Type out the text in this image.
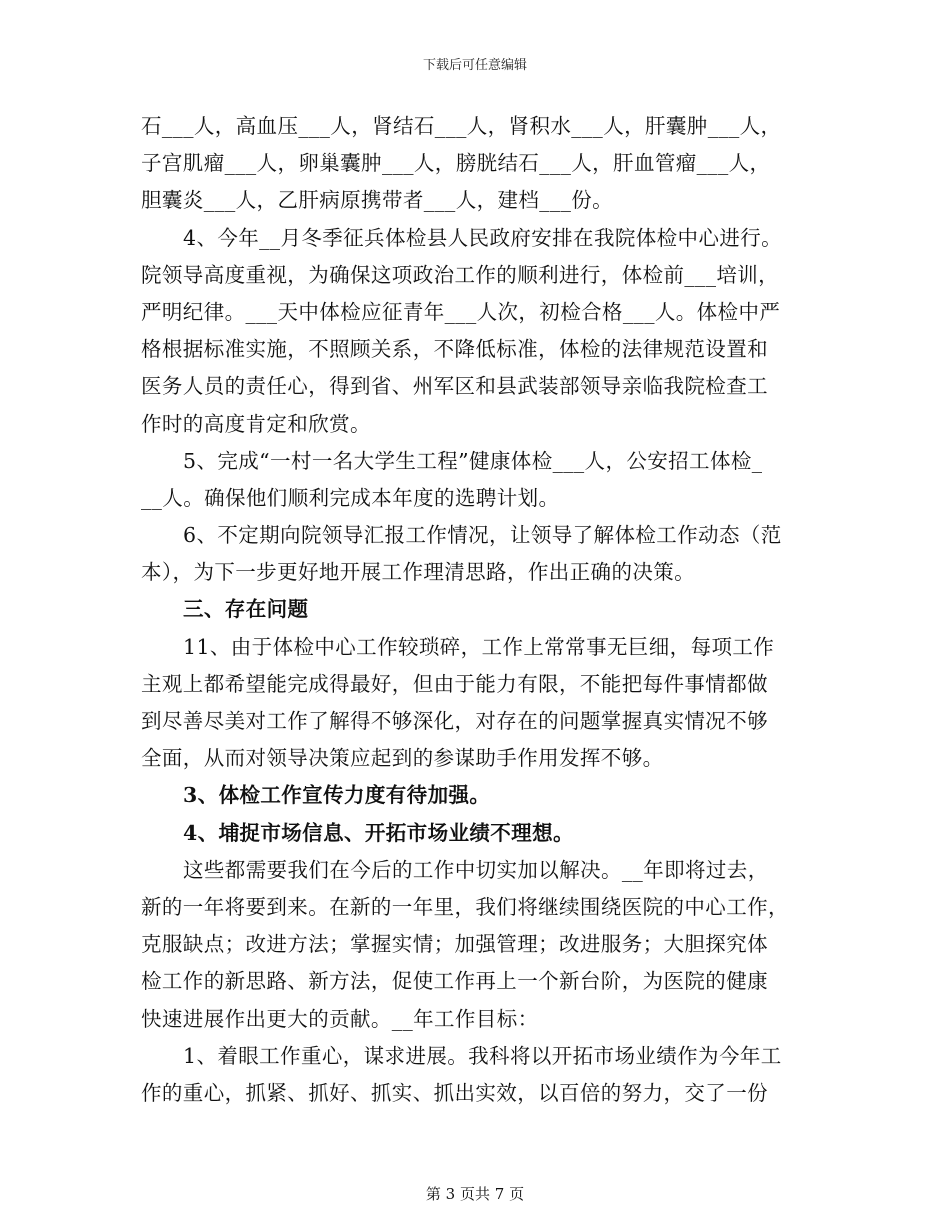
下载后可任意编辑
石___人，高血压___人，肾结石___人，肾积水___人，肝囊肿___人，
子宫肌瘤___人，卵巢囊肿___人，膀胱结石___人，肝血管瘤___人，
胆囊炎___人，乙肝病原携带者___人，建档___份。
4、今年__月冬季征兵体检县人民政府安排在我院体检中心进行。
院领导高度重视，为确保这项政治工作的顺利进行，体检前___培训，
严明纪律。___天中体检应征青年___人次，初检合格___人。体检中严
格根据标准实施，不照顾关系，不降低标准，体检的法律规范设置和
医务人员的责任心，得到省、州军区和县武装部领导亲临我院检查工
作时的高度肯定和欣赏。
5、完成“一村一名大学生工程”健康体检___人，公安招工体检_
__人。确保他们顺利完成本年度的选聘计划。
6、不定期向院领导汇报工作情况，让领导了解体检工作动态（范
本），为下一步更好地开展工作理清思路，作出正确的决策。
三、存在问题
11、由于体检中心工作较琐碎，工作上常常事无巨细，每项工作
主观上都希望能完成得最好，但由于能力有限，不能把每件事情都做
到尽善尽美对工作了解得不够深化，对存在的问题掌握真实情况不够
全面，从而对领导决策应起到的参谋助手作用发挥不够。
3、体检工作宣传力度有待加强。
4、埔捉市场信息、开拓市场业绩不理想。
这些都需要我们在今后的工作中切实加以解决。__年即将过去，
新的一年将要到来。在新的一年里，我们将继续围绕医院的中心工作，
克服缺点；改进方法；掌握实情；加强管理；改进服务；大胆探究体
检工作的新思路、新方法，促使工作再上一个新台阶，为医院的健康
快速进展作出更大的贡献。__年工作目标：
1、着眼工作重心，谋求进展。我科将以开拓市场业绩作为今年工
作的重心，抓紧、抓好、抓实、抓出实效，以百倍的努力，交了一份
第 3 页共 7 页
